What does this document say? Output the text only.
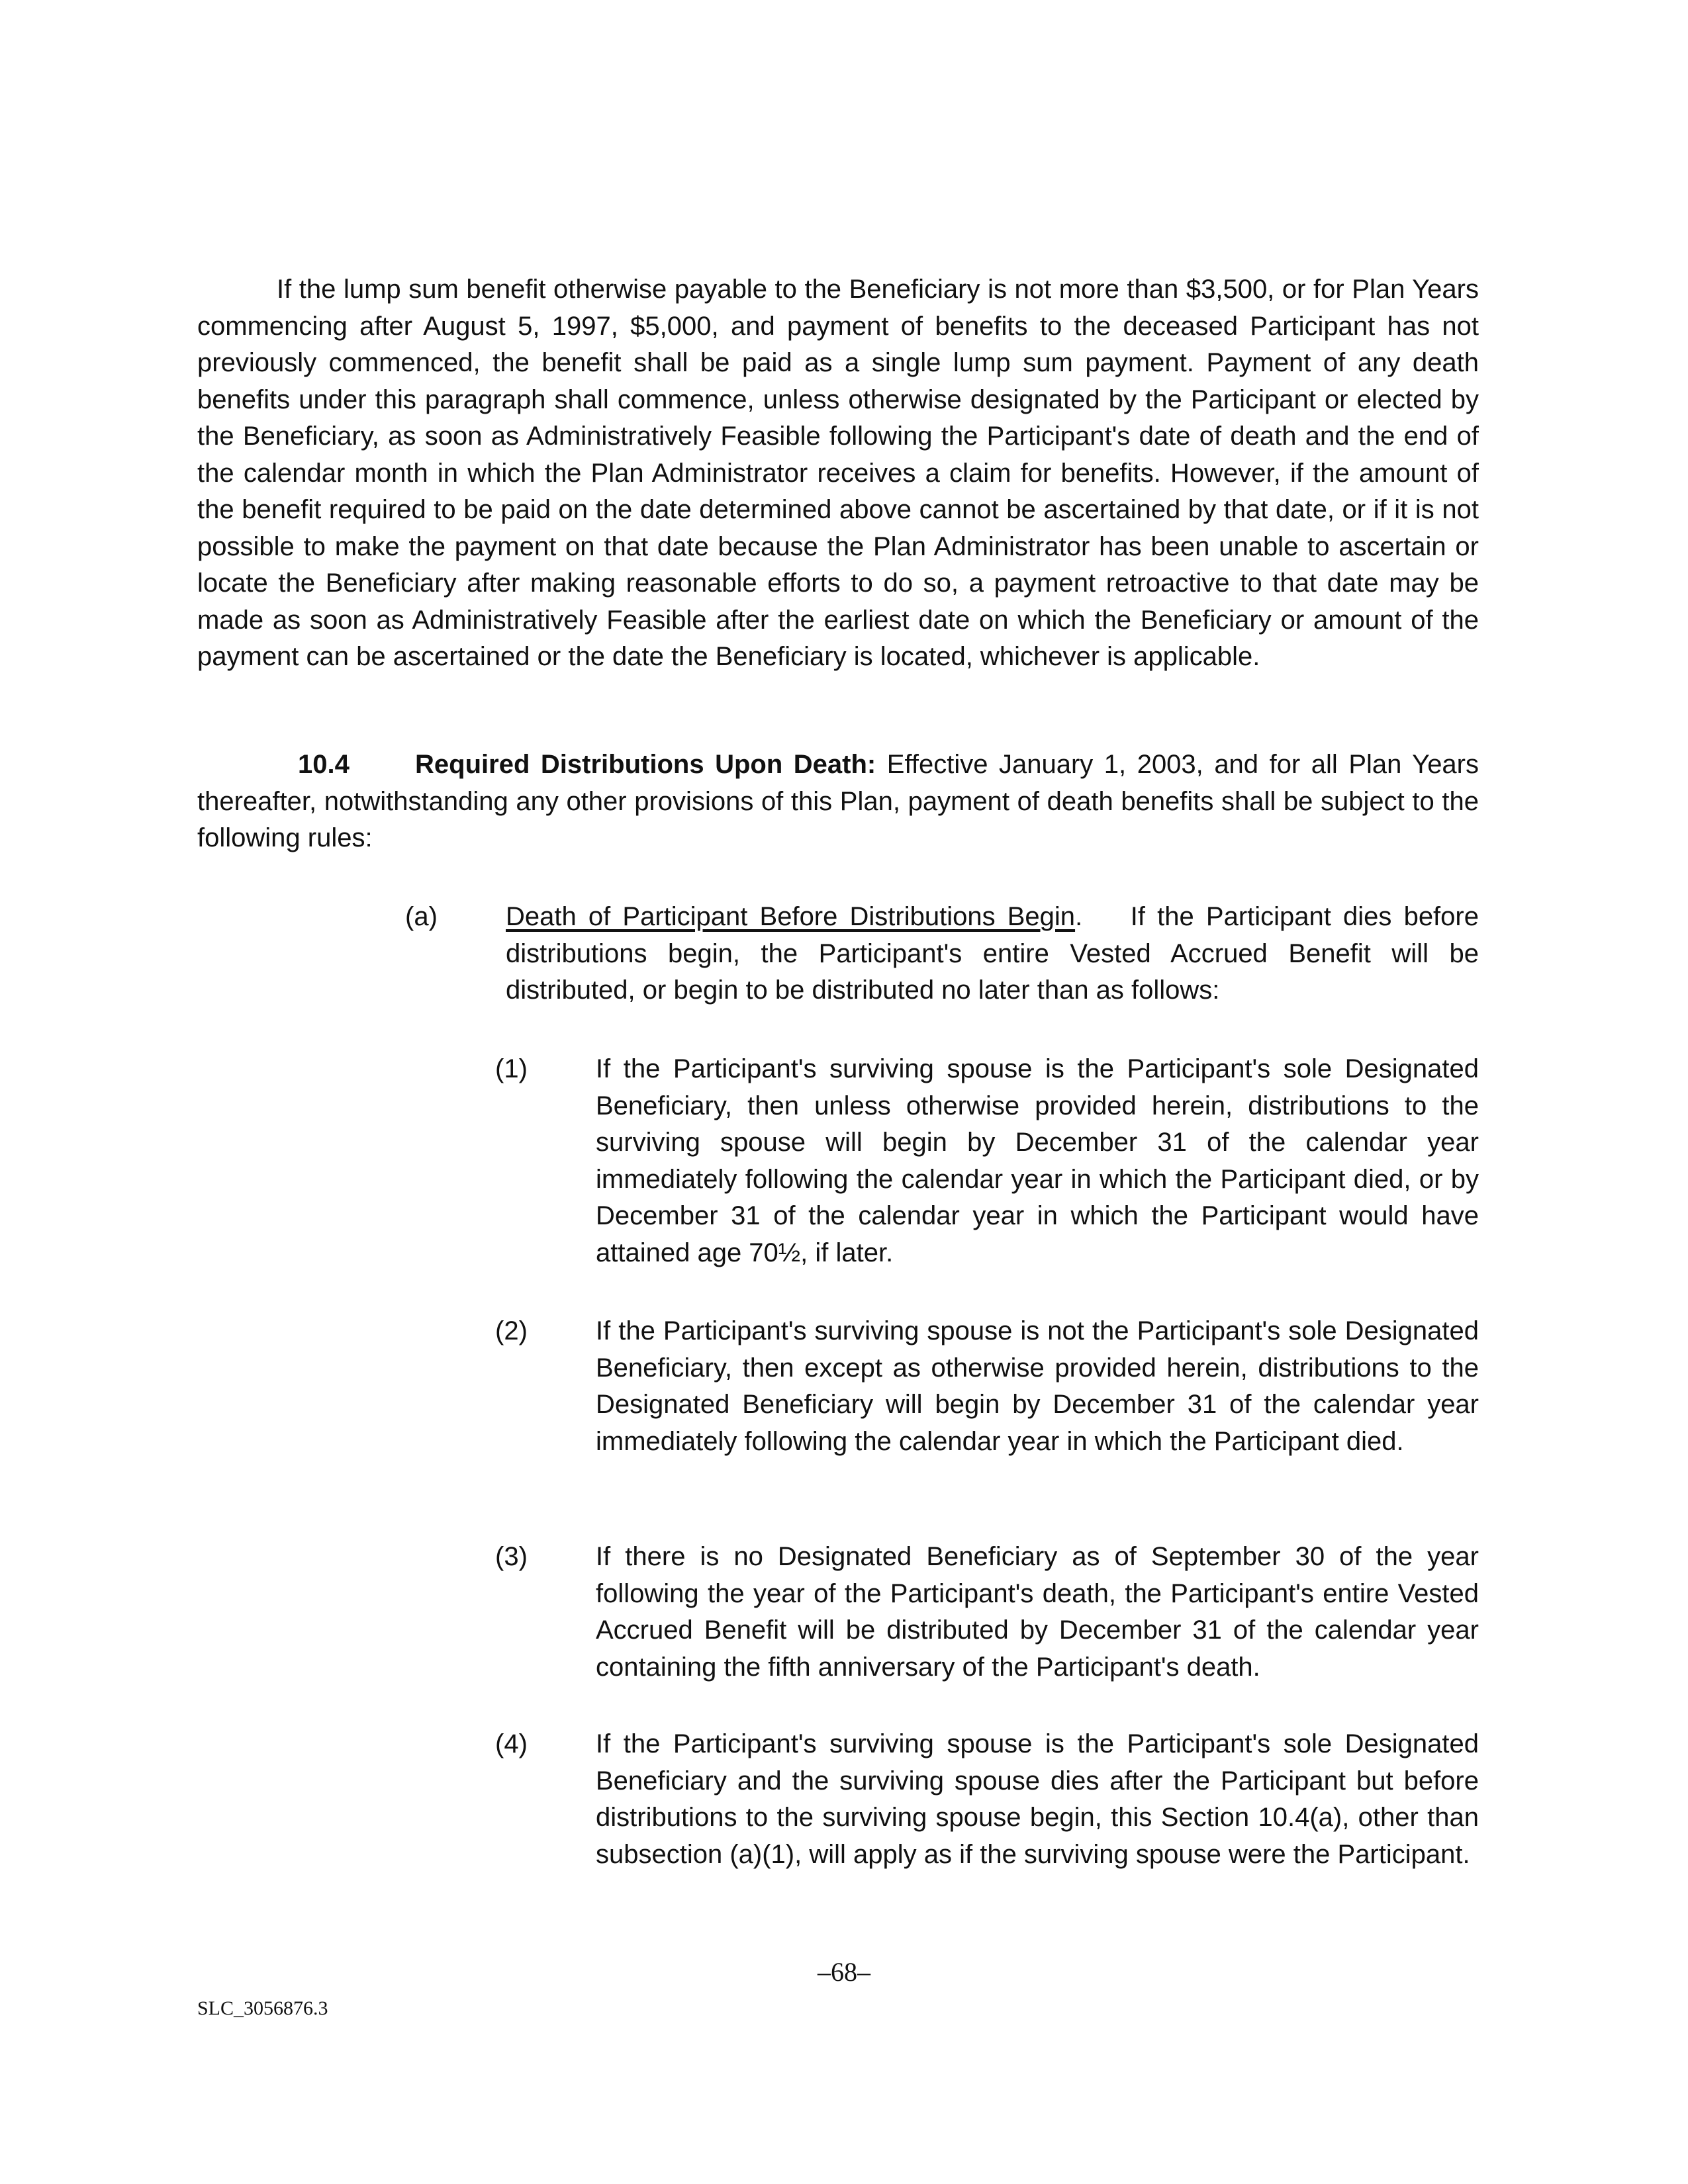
If the lump sum benefit otherwise payable to the Beneficiary is not more than $3,500, or for Plan Years commencing after August 5, 1997, $5,000, and payment of benefits to the deceased Participant has not previously commenced, the benefit shall be paid as a single lump sum payment. Payment of any death benefits under this paragraph shall commence, unless otherwise designated by the Participant or elected by the Beneficiary, as soon as Administratively Feasible following the Participant's date of death and the end of the calendar month in which the Plan Administrator receives a claim for benefits. However, if the amount of the benefit required to be paid on the date determined above cannot be ascertained by that date, or if it is not possible to make the payment on that date because the Plan Administrator has been unable to ascertain or locate the Beneficiary after making reasonable efforts to do so, a payment retroactive to that date may be made as soon as Administratively Feasible after the earliest date on which the Beneficiary or amount of the payment can be ascertained or the date the Beneficiary is located, whichever is applicable.

10.4 Required Distributions Upon Death: Effective January 1, 2003, and for all Plan Years thereafter, notwithstanding any other provisions of this Plan, payment of death benefits shall be subject to the following rules:

(a)	Death of Participant Before Distributions Begin.    If the Participant dies before distributions begin, the Participant's entire Vested Accrued Benefit will be distributed, or begin to be distributed no later than as follows:
(1)	If the Participant's surviving spouse is the Participant's sole Designated Beneficiary, then unless otherwise provided herein, distributions to the surviving spouse will begin by December 31 of the calendar year immediately following the calendar year in which the Participant died, or by December 31 of the calendar year in which the Participant would have attained age 70½, if later.
(2)	If the Participant's surviving spouse is not the Participant's sole Designated Beneficiary, then except as otherwise provided herein, distributions to the Designated Beneficiary will begin by December 31 of the calendar year immediately following the calendar year in which the Participant died.
(3)	If there is no Designated Beneficiary as of September 30 of the year following the year of the Participant's death, the Participant's entire Vested Accrued Benefit will be distributed by December 31 of the calendar year containing the fifth anniversary of the Participant's death.
(4)	If the Participant's surviving spouse is the Participant's sole Designated Beneficiary and the surviving spouse dies after the Participant but before distributions to the surviving spouse begin, this Section 10.4(a), other than subsection (a)(1), will apply as if the surviving spouse were the Participant.
–68–
SLC_3056876.3
